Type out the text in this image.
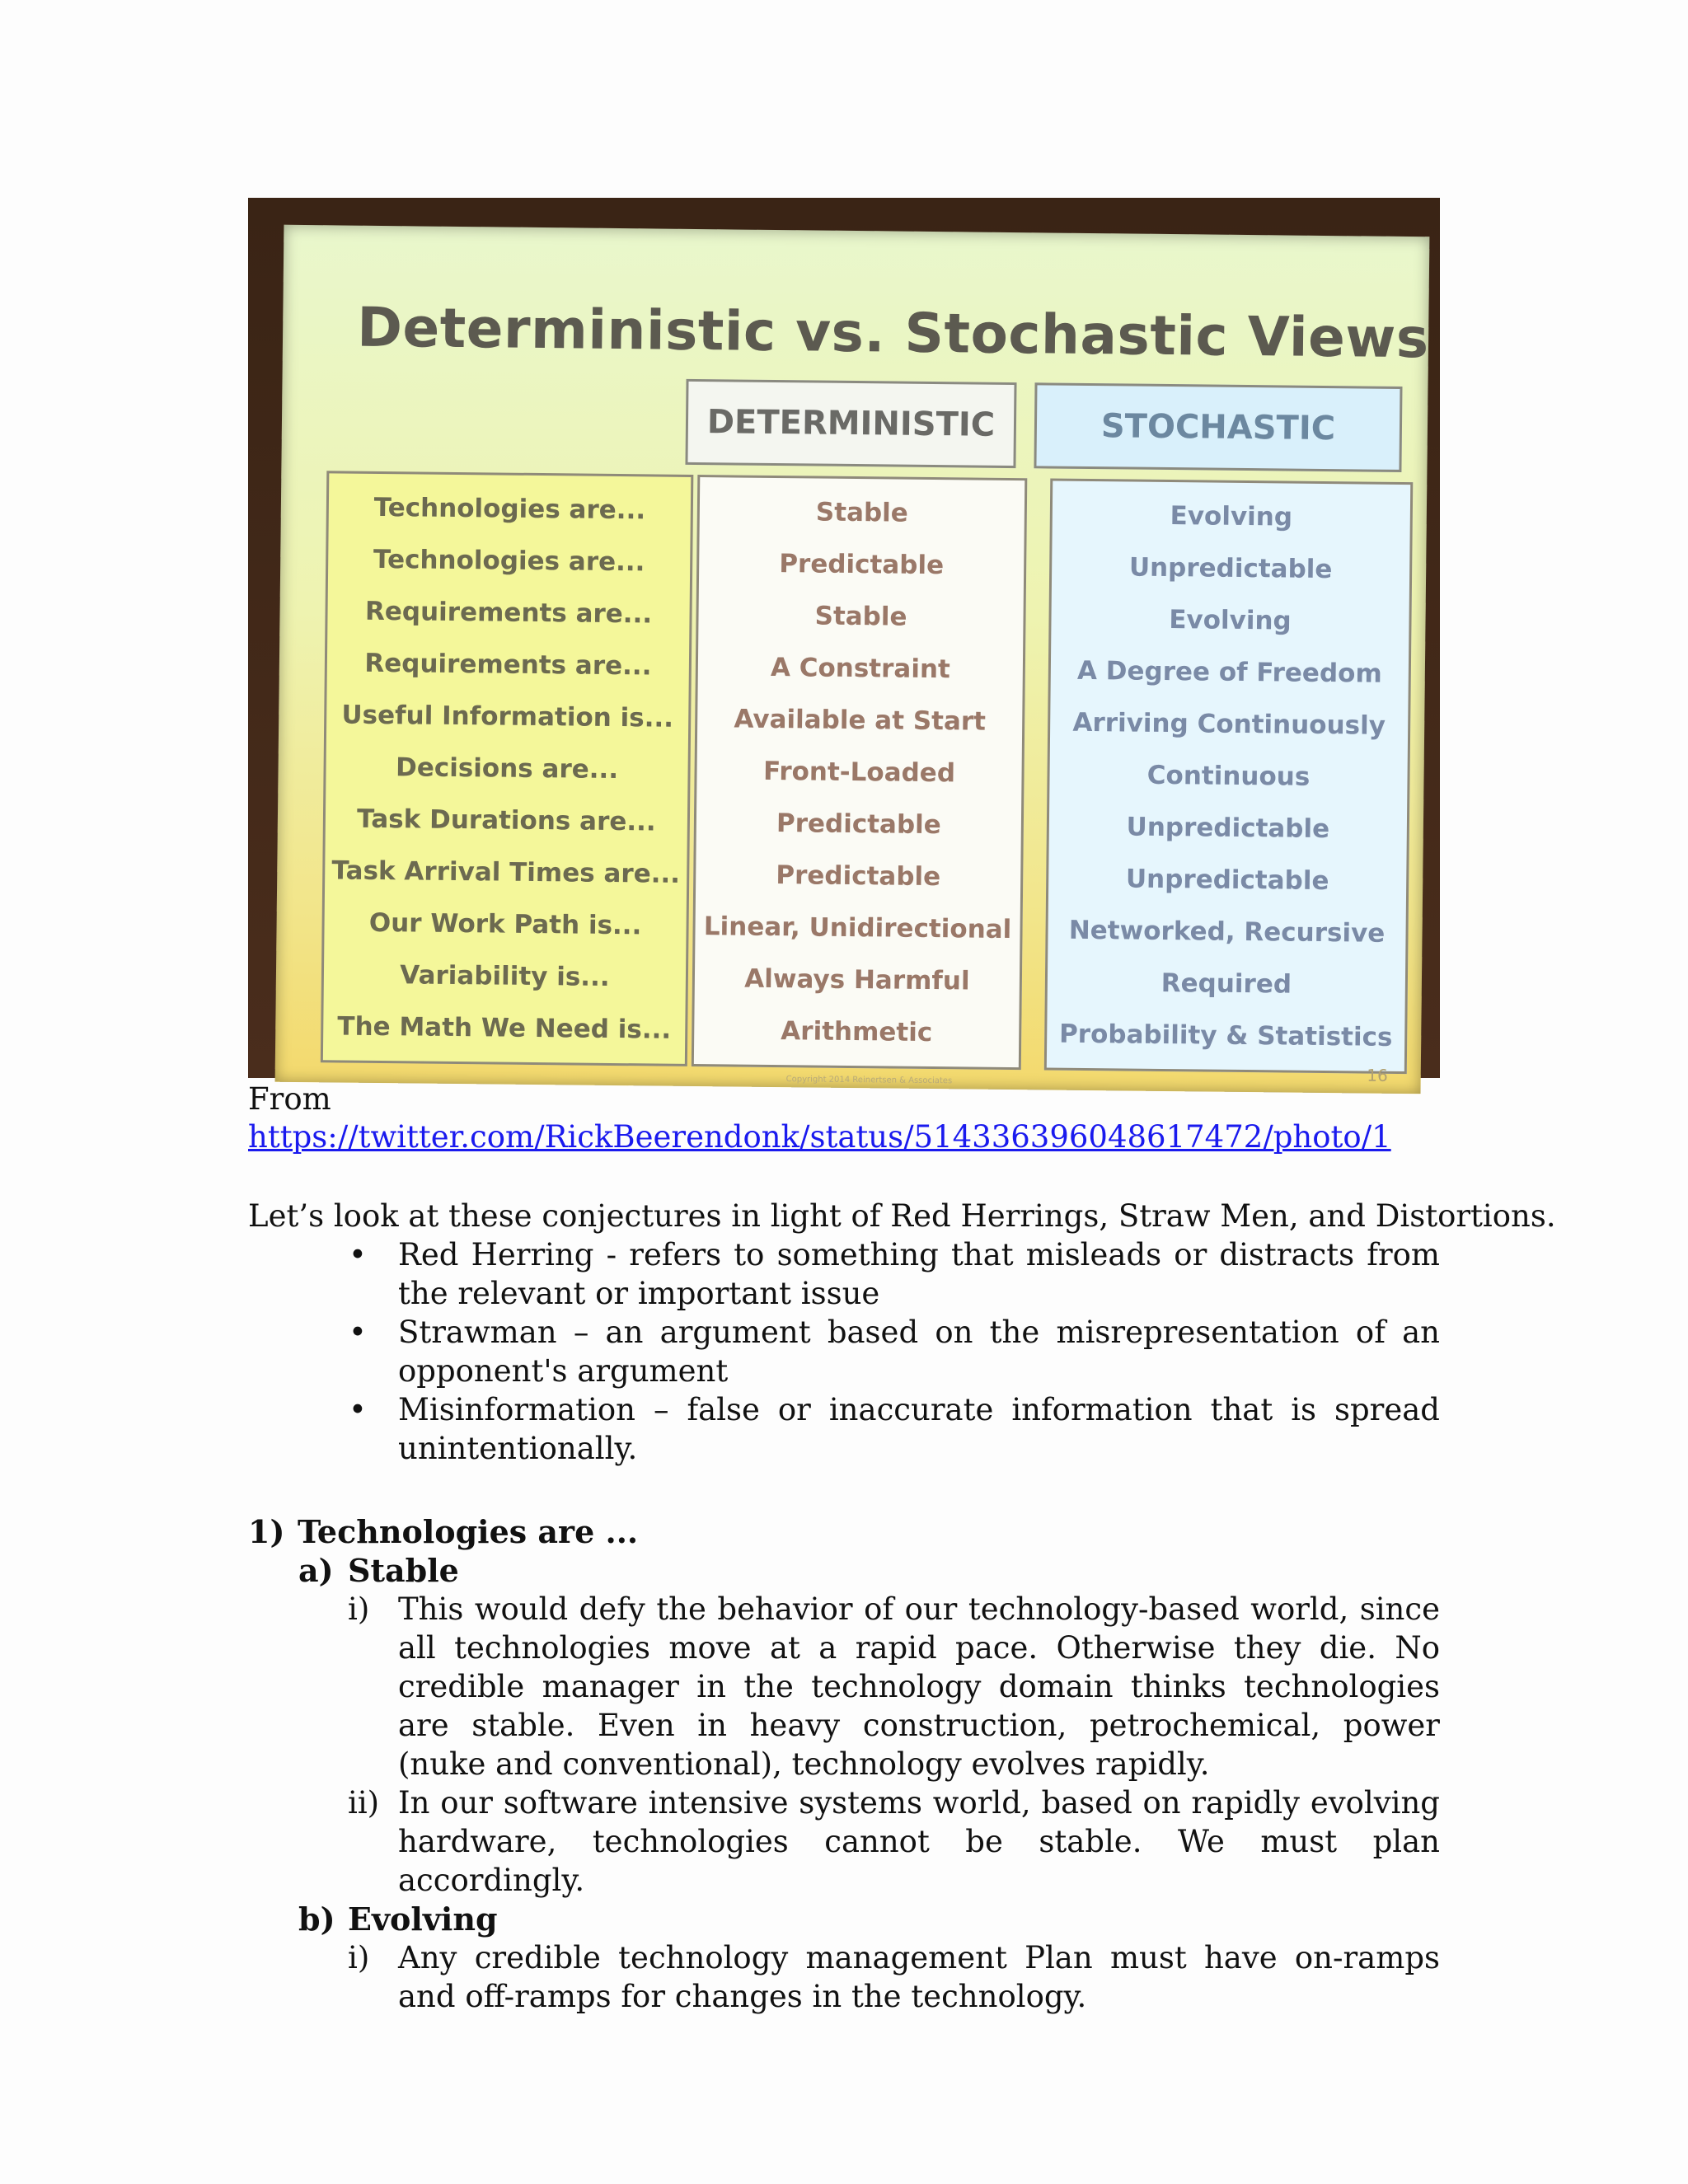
Deterministic vs. Stochastic Views
DETERMINISTIC	STOCHASTIC
Technologies are...
Technologies are...
Requirements are...
Requirements are...
Useful Information is...
Decisions are...
Task Durations are...
Task Arrival Times are...
Our Work Path is...
Variability is...
The Math We Need is...
Stable
Predictable
Stable
A Constraint
Available at Start
Front-Loaded
Predictable
Predictable
Linear, Unidirectional
Always Harmful
Arithmetic
Evolving
Unpredictable
Evolving
A Degree of Freedom
Arriving Continuously
Continuous
Unpredictable
Unpredictable
Networked, Recursive
Required
Probability & Statistics
Copyright 2014 Reinertsen & Associates	16
From
https://twitter.com/RickBeerendonk/status/514336396048617472/photo/1
Let’s look at these conjectures in light of Red Herrings, Straw Men, and Distortions.
• Red Herring - refers to something that misleads or distracts from the relevant or important issue
• Strawman – an argument based on the misrepresentation of an opponent's argument
• Misinformation – false or inaccurate information that is spread unintentionally.
1) Technologies are ...
a) Stable
i) This would defy the behavior of our technology-based world, since all technologies move at a rapid pace. Otherwise they die. No credible manager in the technology domain thinks technologies are stable. Even in heavy construction, petrochemical, power (nuke and conventional), technology evolves rapidly.
ii) In our software intensive systems world, based on rapidly evolving hardware, technologies cannot be stable. We must plan accordingly.
b) Evolving
i) Any credible technology management Plan must have on-ramps and off-ramps for changes in the technology.
